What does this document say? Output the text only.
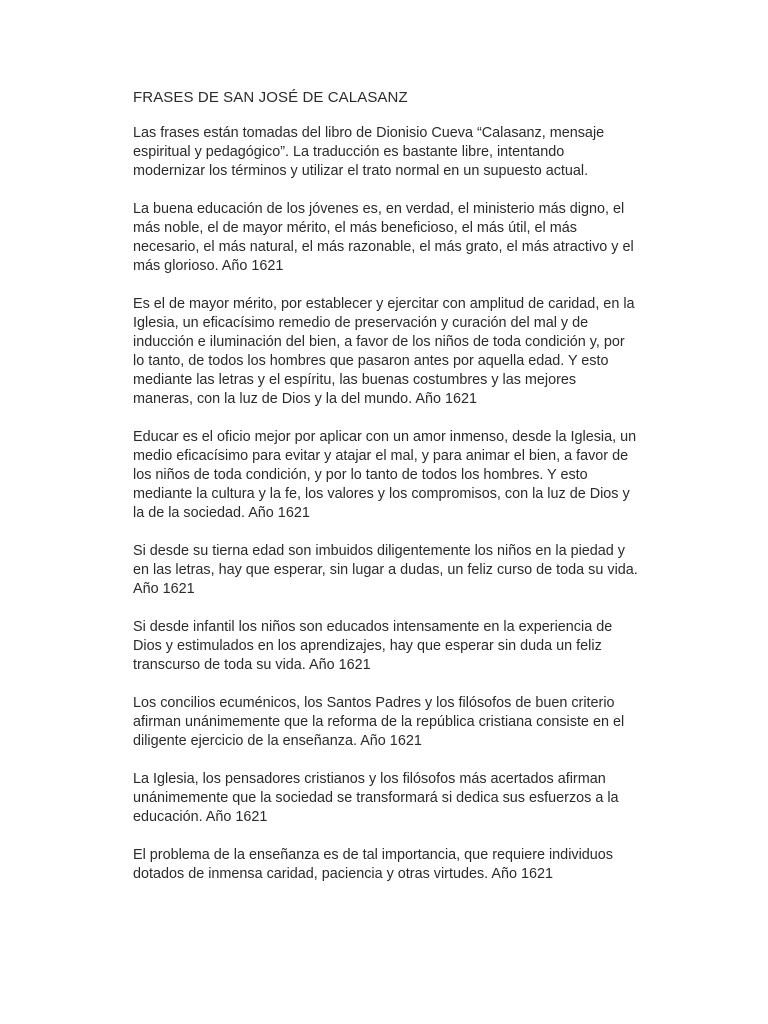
FRASES DE SAN JOSÉ DE CALASANZ

Las frases están tomadas del libro de Dionisio Cueva “Calasanz, mensaje espiritual y pedagógico”. La traducción es bastante libre, intentando modernizar los términos y utilizar el trato normal en un supuesto actual.

La buena educación de los jóvenes es, en verdad, el ministerio más digno, el más noble, el de mayor mérito, el más beneficioso, el más útil, el más necesario, el más natural, el más razonable, el más grato, el más atractivo y el más glorioso. Año 1621

Es el de mayor mérito, por establecer y ejercitar con amplitud de caridad, en la Iglesia, un eficacísimo remedio de preservación y curación del mal y de inducción e iluminación del bien, a favor de los niños de toda condición y, por lo tanto, de todos los hombres que pasaron antes por aquella edad. Y esto mediante las letras y el espíritu, las buenas costumbres y las mejores maneras, con la luz de Dios y la del mundo. Año 1621

Educar es el oficio mejor por aplicar con un amor inmenso, desde la Iglesia, un medio eficacísimo para evitar y atajar el mal, y para animar el bien, a favor de los niños de toda condición, y por lo tanto de todos los hombres. Y esto mediante la cultura y la fe, los valores y los compromisos, con la luz de Dios y la de la sociedad. Año 1621

Si desde su tierna edad son imbuidos diligentemente los niños en la piedad y en las letras, hay que esperar, sin lugar a dudas, un feliz curso de toda su vida. Año 1621

Si desde infantil los niños son educados intensamente en la experiencia de Dios y estimulados en los aprendizajes, hay que esperar sin duda un feliz transcurso de toda su vida. Año 1621

Los concilios ecuménicos, los Santos Padres y los filósofos de buen criterio afirman unánimemente que la reforma de la república cristiana consiste en el diligente ejercicio de la enseñanza. Año 1621

La Iglesia, los pensadores cristianos y los filósofos más acertados afirman unánimemente que la sociedad se transformará si dedica sus esfuerzos a la educación. Año 1621

El problema de la enseñanza es de tal importancia, que requiere individuos dotados de inmensa caridad, paciencia y otras virtudes. Año 1621
